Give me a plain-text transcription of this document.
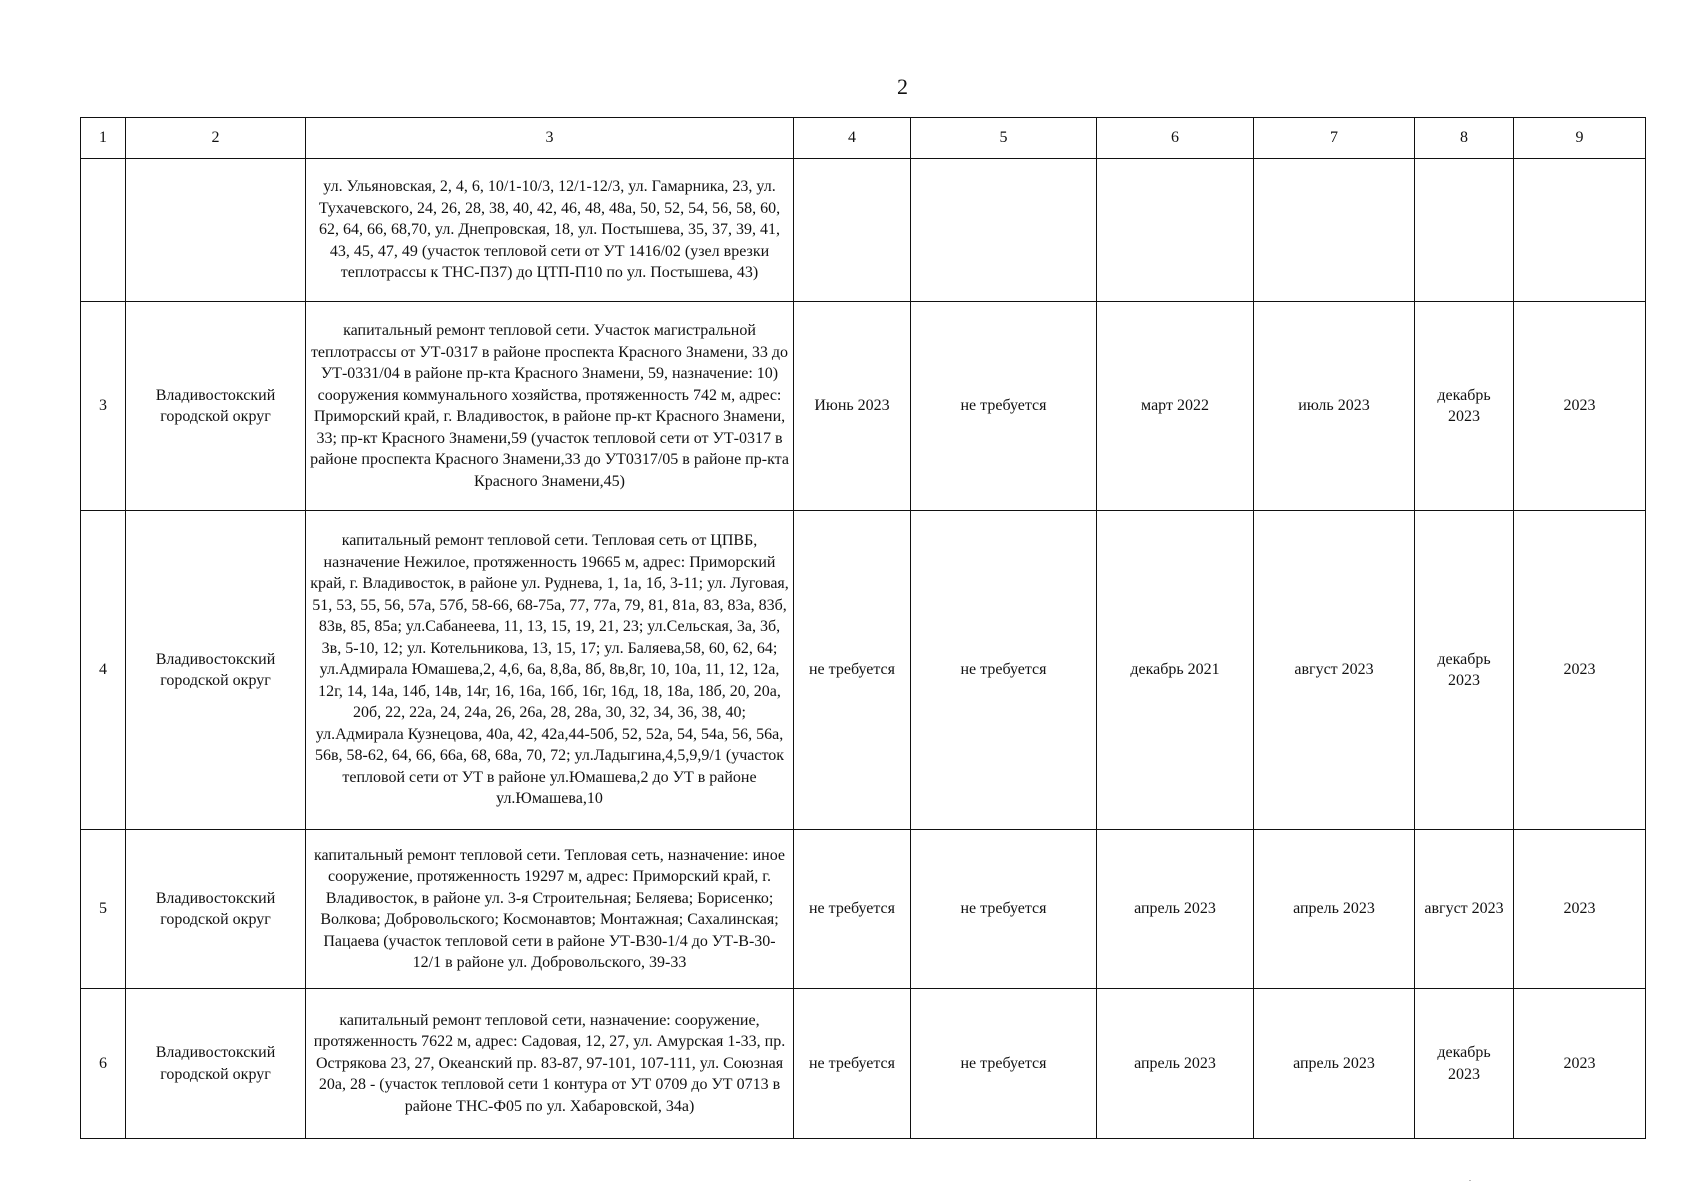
2
1	2	3	4	5	6	7	8	9
		ул. Ульяновская, 2, 4, 6, 10/1-10/3, 12/1-12/3, ул. Гамарника, 23, ул. Тухачевского, 24, 26, 28, 38, 40, 42, 46, 48, 48а, 50, 52, 54, 56, 58, 60, 62, 64, 66, 68,70, ул. Днепровская, 18, ул. Постышева, 35, 37, 39, 41, 43, 45, 47, 49 (участок тепловой сети от УТ 1416/02 (узел врезки теплотрассы к ТНС-П37) до ЦТП-П10 по ул. Постышева, 43)						
3	Владивостокский городской округ	капитальный ремонт тепловой сети. Участок магистральной теплотрассы от УТ-0317 в районе проспекта Красного Знамени, 33 до УТ-0331/04 в районе пр-кта Красного Знамени, 59, назначение: 10) сооружения коммунального хозяйства, протяженность 742 м, адрес: Приморский край, г. Владивосток, в районе пр-кт Красного Знамени, 33; пр-кт Красного Знамени,59 (участок тепловой сети от УТ-0317 в районе проспекта Красного Знамени,33 до УТ0317/05 в районе пр-кта Красного Знамени,45)	Июнь 2023	не требуется	март 2022	июль 2023	декабрь 2023	2023
4	Владивостокский городской округ	капитальный ремонт тепловой сети. Тепловая сеть от ЦПВБ, назначение Нежилое, протяженность 19665 м, адрес: Приморский край, г. Владивосток, в районе ул. Руднева, 1, 1а, 1б, 3-11; ул. Луговая, 51, 53, 55, 56, 57а, 57б, 58-66, 68-75а, 77, 77а, 79, 81, 81а, 83, 83а, 83б, 83в, 85, 85а; ул.Сабанеева, 11, 13, 15, 19, 21, 23; ул.Сельская, 3а, 3б, 3в, 5-10, 12; ул. Котельникова, 13, 15, 17; ул. Баляева,58, 60, 62, 64; ул.Адмирала Юмашева,2, 4,6, 6а, 8,8а, 8б, 8в,8г, 10, 10а, 11, 12, 12а, 12г, 14, 14а, 14б, 14в, 14г, 16, 16а, 16б, 16г, 16д, 18, 18а, 18б, 20, 20а, 20б, 22, 22а, 24, 24а, 26, 26а, 28, 28а, 30, 32, 34, 36, 38, 40; ул.Адмирала Кузнецова, 40а, 42, 42а,44-50б, 52, 52а, 54, 54а, 56, 56а, 56в, 58-62, 64, 66, 66а, 68, 68а, 70, 72; ул.Ладыгина,4,5,9,9/1 (участок тепловой сети от УТ в районе ул.Юмашева,2 до УТ в районе ул.Юмашева,10	не требуется	не требуется	декабрь 2021	август 2023	декабрь 2023	2023
5	Владивостокский городской округ	капитальный ремонт тепловой сети. Тепловая сеть, назначение: иное сооружение, протяженность 19297 м, адрес: Приморский край, г. Владивосток, в районе ул. 3-я Строительная; Беляева; Борисенко; Волкова; Добровольского; Космонавтов; Монтажная; Сахалинская; Пацаева (участок тепловой сети в районе УТ-В30-1/4 до УТ-В-30-12/1 в районе ул. Добровольского, 39-33	не требуется	не требуется	апрель 2023	апрель 2023	август 2023	2023
6	Владивостокский городской округ	капитальный ремонт тепловой сети, назначение: сооружение, протяженность 7622 м, адрес: Садовая, 12, 27, ул. Амурская 1-33, пр. Острякова 23, 27, Океанский пр. 83-87, 97-101, 107-111, ул. Союзная 20а, 28 - (участок тепловой сети 1 контура от УТ 0709 до УТ 0713 в районе ТНС-Ф05 по ул. Хабаровской, 34а)	не требуется	не требуется	апрель 2023	апрель 2023	декабрь 2023	2023
